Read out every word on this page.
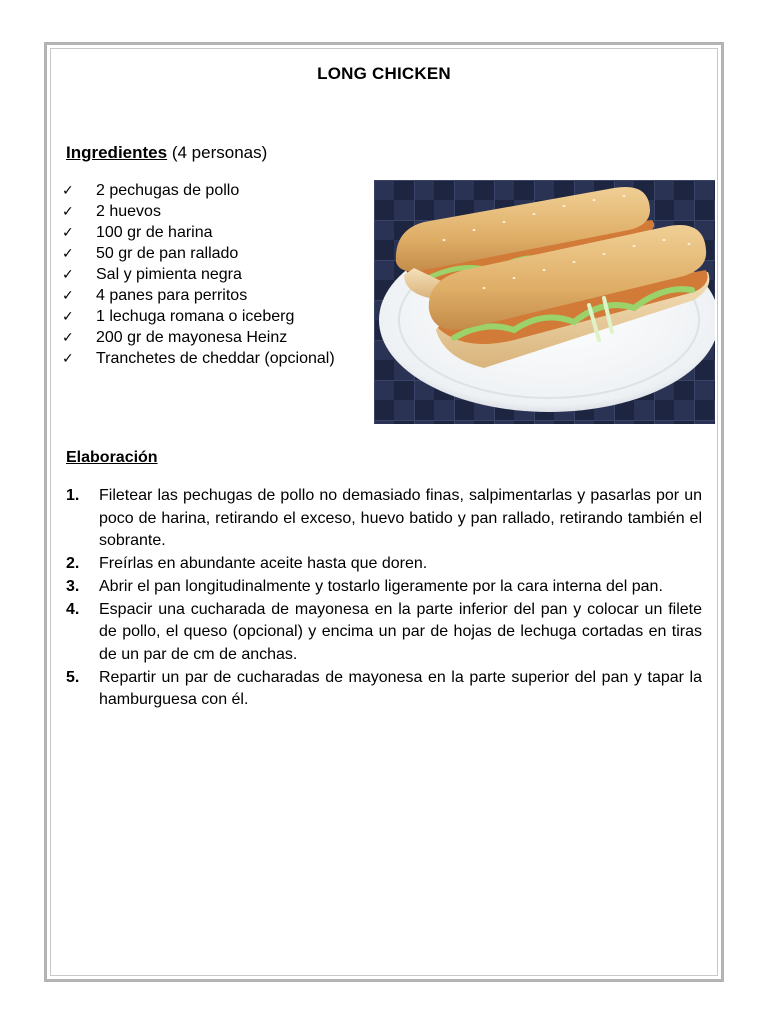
LONG CHICKEN
Ingredientes (4 personas)
✓	2 pechugas de pollo
✓	2 huevos
✓	100 gr de harina
✓	50 gr de pan rallado
✓	Sal y pimienta negra
✓	4 panes para perritos
✓	1 lechuga romana o iceberg
✓	200 gr de mayonesa Heinz
✓	Tranchetes de cheddar (opcional)
Elaboración
1.	Filetear las pechugas de pollo no demasiado finas, salpimentarlas y pasarlas por un poco de harina, retirando el exceso, huevo batido y pan rallado, retirando también el sobrante.
2.	Freírlas en abundante aceite hasta que doren.
3.	Abrir el pan longitudinalmente y tostarlo ligeramente por la cara interna del pan.
4.	Espacir una cucharada de mayonesa en la parte inferior del pan y colocar un filete de pollo, el queso (opcional) y encima un par de hojas de lechuga cortadas en tiras de un par de cm de anchas.
5.	Repartir un par de cucharadas de mayonesa en la parte superior del pan y tapar la hamburguesa con él.
